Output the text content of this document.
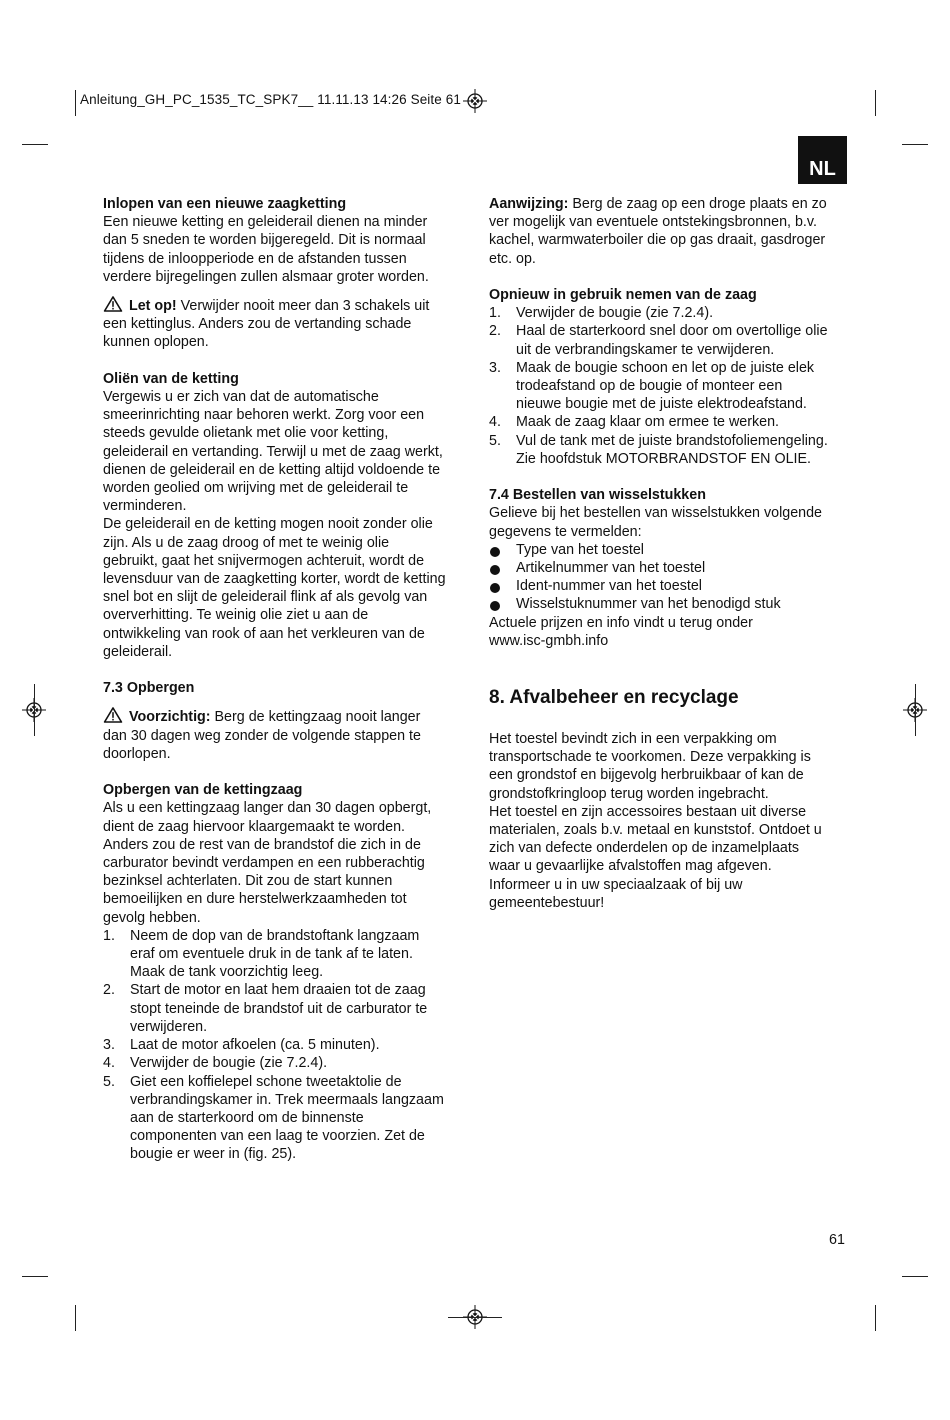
Anleitung_GH_PC_1535_TC_SPK7__ 11.11.13 14:26 Seite 61
NL

Inlopen van een nieuwe zaagketting

Een nieuwe ketting en geleiderail dienen na minder

dan 5 sneden te worden bijgeregeld. Dit is normaal

tijdens de inloopperiode en de afstanden tussen

verdere bijregelingen zullen alsmaar groter worden.

Let op! Verwijder nooit meer dan 3 schakels uit

een kettinglus. Anders zou de vertanding schade

kunnen oplopen.

Oliën van de ketting

Vergewis u er zich van dat de automatische

smeerinrichting naar behoren werkt. Zorg voor een

steeds gevulde olietank met olie voor ketting,

geleiderail en vertanding. Terwijl u met de zaag werkt,

dienen de geleiderail en de ketting altijd voldoende te

worden geolied om wrijving met de geleiderail te

verminderen.

De geleiderail en de ketting mogen nooit zonder olie

zijn. Als u de zaag droog of met te weinig olie

gebruikt, gaat het snijvermogen achteruit, wordt de

levensduur van de zaagketting korter, wordt de ketting

snel bot en slijt de geleiderail flink af als gevolg van

oververhitting. Te weinig olie ziet u aan de

ontwikkeling van rook of aan het verkleuren van de

geleiderail.

7.3 Opbergen

Voorzichtig: Berg de kettingzaag nooit langer

dan 30 dagen weg zonder de volgende stappen te

doorlopen.

Opbergen van de kettingzaag

Als u een kettingzaag langer dan 30 dagen opbergt,

dient de zaag hiervoor klaargemaakt te worden.

Anders zou de rest van de brandstof die zich in de

carburator bevindt verdampen en een rubberachtig

bezinksel achterlaten. Dit zou de start kunnen

bemoeilijken en dure herstelwerkzaamheden tot

gevolg hebben.

1. Neem de dop van de brandstoftank langzaam
eraf om eventuele druk in de tank af te laten.
Maak de tank voorzichtig leeg.
2. Start de motor en laat hem draaien tot de zaag
stopt teneinde de brandstof uit de carburator te
verwijderen.
3. Laat de motor afkoelen (ca. 5 minuten).
4. Verwijder de bougie (zie 7.2.4).
5. Giet een koffielepel schone tweetaktolie de
verbrandingskamer in. Trek meermaals langzaam
aan de starterkoord om de binnenste
componenten van een laag te voorzien. Zet de
bougie er weer in (fig. 25).

Aanwijzing: Berg de zaag op een droge plaats en zo

ver mogelijk van eventuele ontstekingsbronnen, b.v.

kachel, warmwaterboiler die op gas draait, gasdroger

etc. op.

Opnieuw in gebruik nemen van de zaag

1. Verwijder de bougie (zie 7.2.4).
2. Haal de starterkoord snel door om overtollige olie
uit de verbrandingskamer te verwijderen.
3. Maak de bougie schoon en let op de juiste elek
trodeafstand op de bougie of monteer een
nieuwe bougie met de juiste elektrodeafstand.
4. Maak de zaag klaar om ermee te werken.
5. Vul de tank met de juiste brandstofoliemengeling.
Zie hoofdstuk MOTORBRANDSTOF EN OLIE.

7.4 Bestellen van wisselstukken

Gelieve bij het bestellen van wisselstukken volgende

gegevens te vermelden:

Type van het toestel
Artikelnummer van het toestel
Ident-nummer van het toestel
Wisselstuknummer van het benodigd stuk

Actuele prijzen en info vindt u terug onder

www.isc-gmbh.info

8. Afvalbeheer en recyclage

Het toestel bevindt zich in een verpakking om

transportschade te voorkomen. Deze verpakking is

een grondstof en bijgevolg herbruikbaar of kan de

grondstofkringloop terug worden ingebracht.

Het toestel en zijn accessoires bestaan uit diverse

materialen, zoals b.v. metaal en kunststof. Ontdoet u

zich van defecte onderdelen op de inzamelplaats

waar u gevaarlijke afvalstoffen mag afgeven.

Informeer u in uw speciaalzaak of bij uw

gemeentebestuur!

61
